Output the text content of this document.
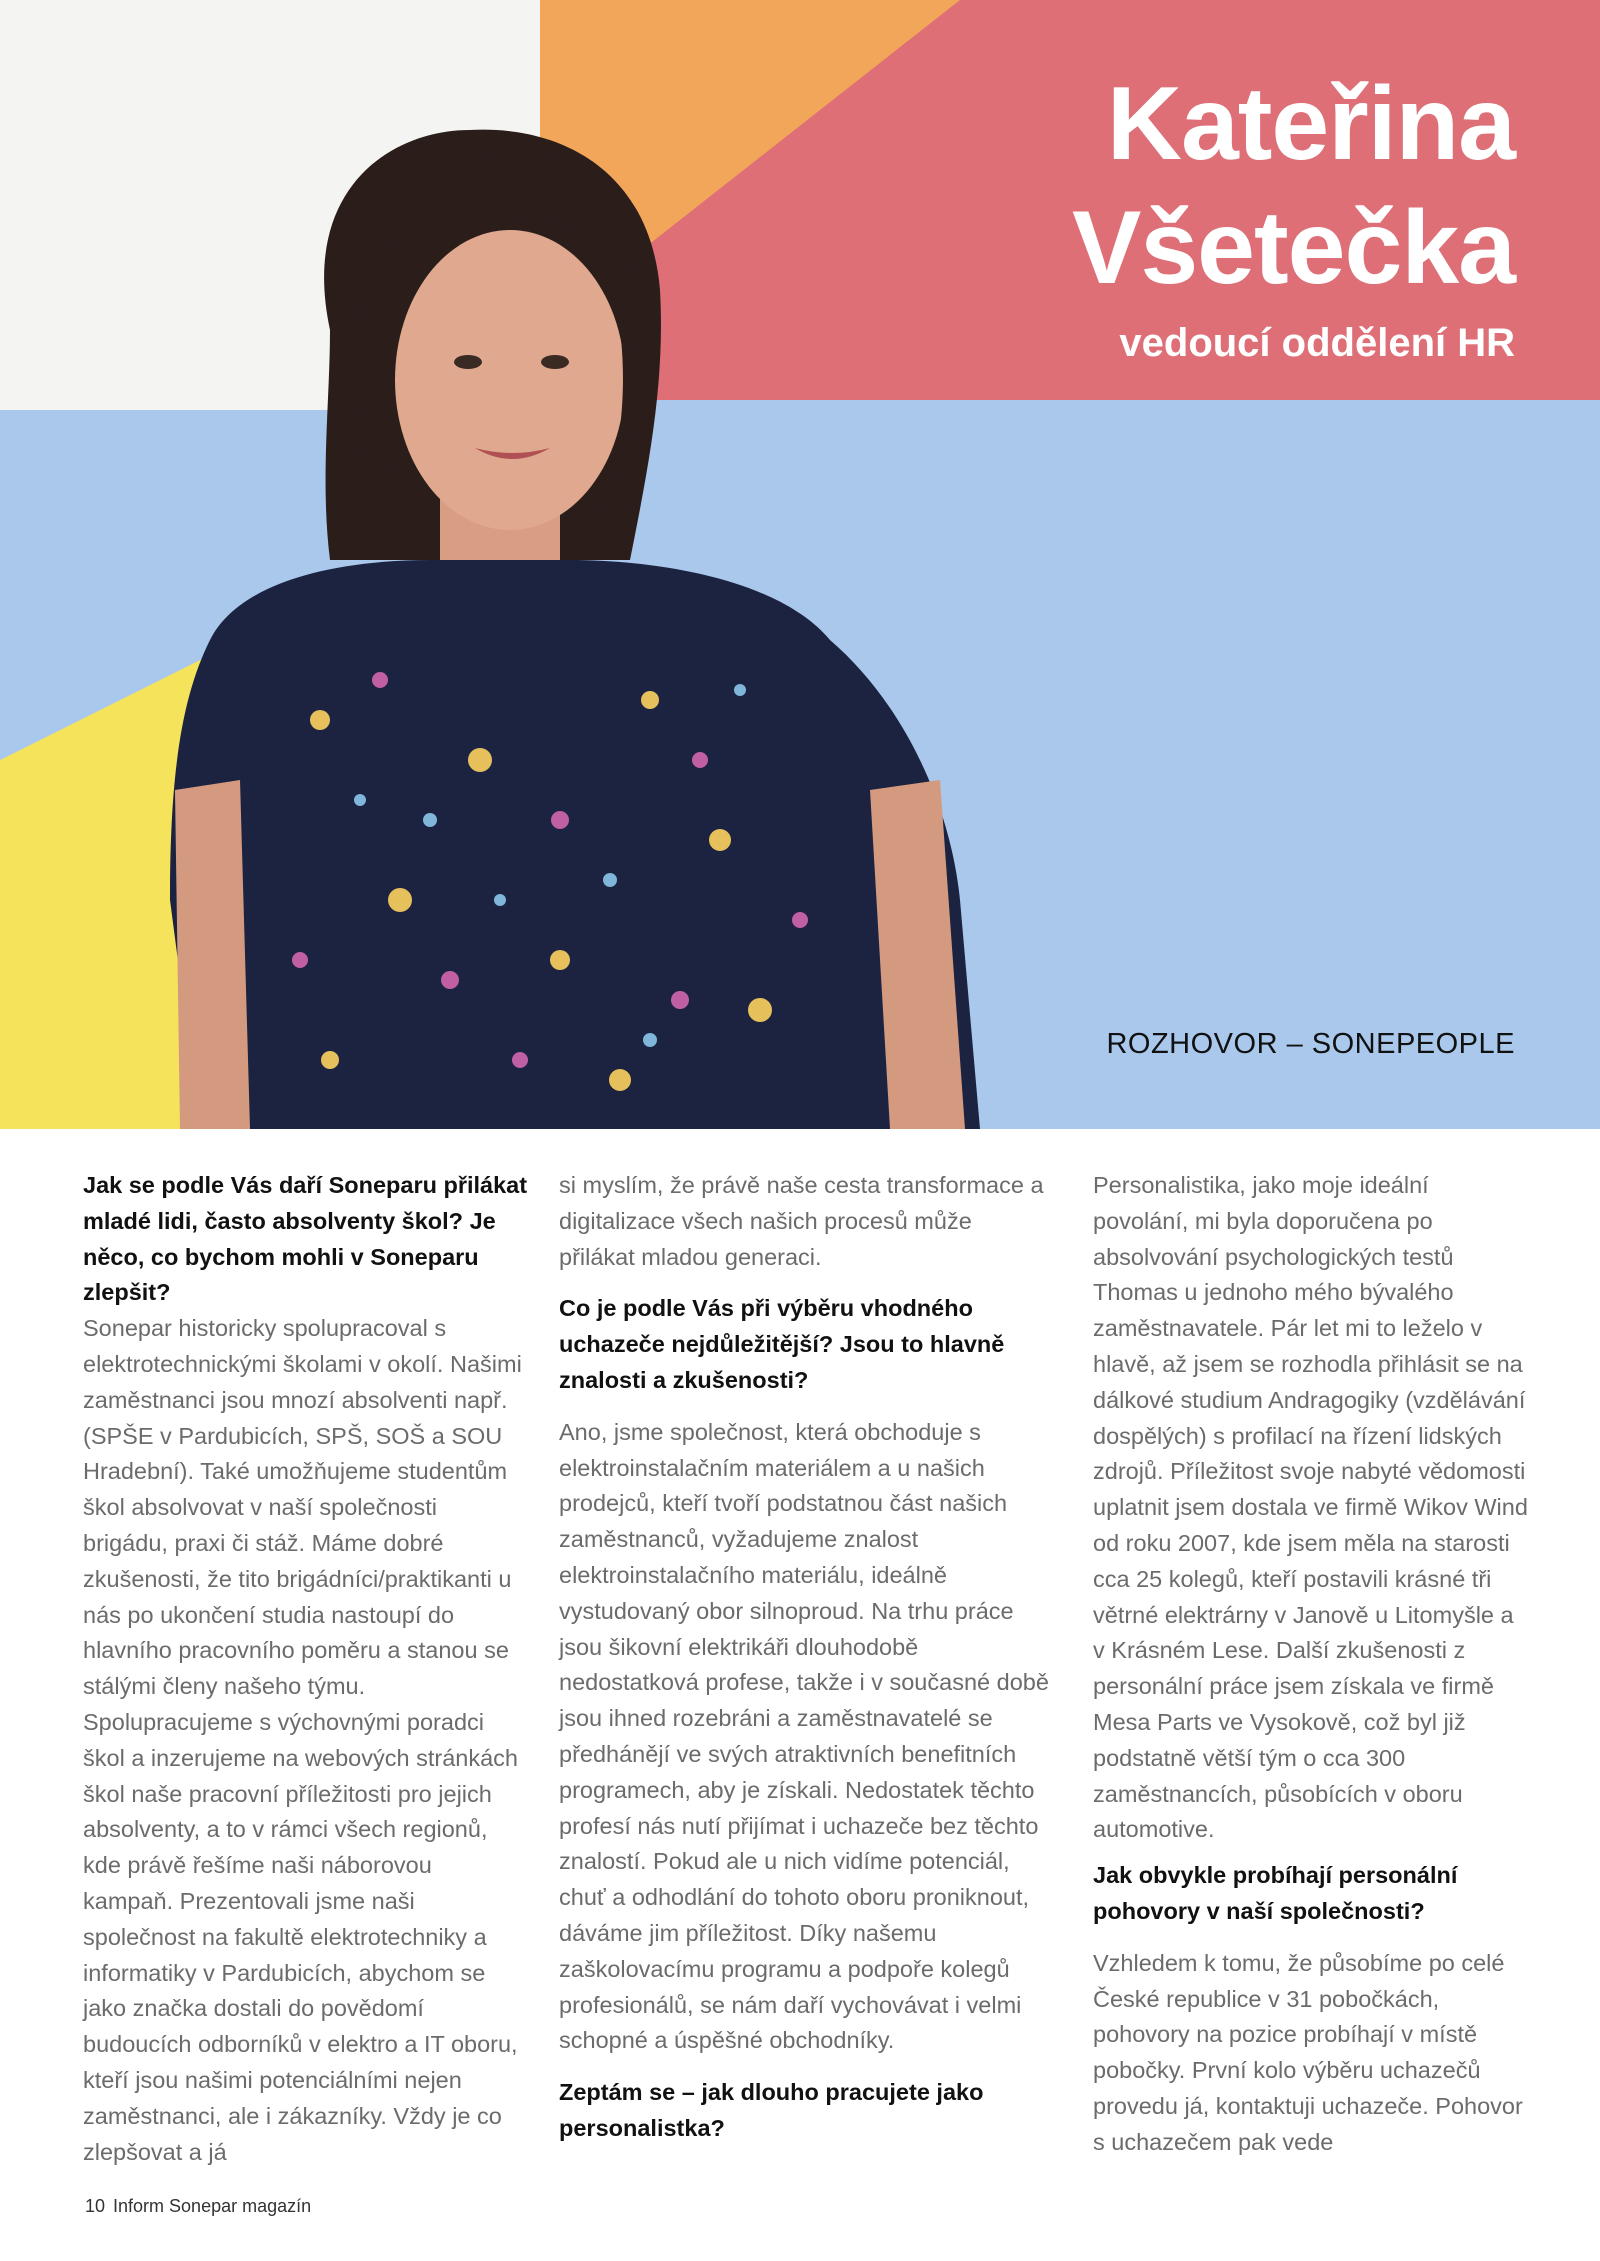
Kateřina
Všetečka
vedoucí oddělení HR
ROZHOVOR – SONEPEOPLE

Jak se podle Vás daří Soneparu přilákat mladé lidi, často absolventy škol? Je něco, co bychom mohli v Soneparu zlepšit?

Sonepar historicky spolupracoval s elektrotechnickými školami v okolí. Našimi zaměstnanci jsou mnozí absolventi např. (SPŠE v Pardubicích, SPŠ, SOŠ a SOU Hradební). Také umožňujeme studentům škol absolvovat v naší společnosti brigádu, praxi či stáž. Máme dobré zkušenosti, že tito brigádníci/praktikanti u nás po ukončení studia nastoupí do hlavního pracovního poměru a stanou se stálými členy našeho týmu. Spolupracujeme s výchovnými poradci škol a inzerujeme na webových stránkách škol naše pracovní příležitosti pro jejich absolventy, a to v rámci všech regionů, kde právě řešíme naši náborovou kampaň. Prezentovali jsme naši společnost na fakultě elektrotechniky a informatiky v Pardubicích, abychom se jako značka dostali do povědomí budoucích odborníků v elektro a IT oboru, kteří jsou našimi potenciálními nejen zaměstnanci, ale i zákazníky. Vždy je co zlepšovat a já

si myslím, že právě naše cesta transformace a digitalizace všech našich procesů může přilákat mladou generaci.

Co je podle Vás při výběru vhodného uchazeče nejdůležitější? Jsou to hlavně znalosti a zkušenosti?

Ano, jsme společnost, která obchoduje s elektroinstalačním materiálem a u našich prodejců, kteří tvoří podstatnou část našich zaměstnanců, vyžadujeme znalost elektroinstalačního materiálu, ideálně vystudovaný obor silnoproud. Na trhu práce jsou šikovní elektrikáři dlouhodobě nedostatková profese, takže i v současné době jsou ihned rozebráni a zaměstnavatelé se předhánějí ve svých atraktivních benefitních programech, aby je získali. Nedostatek těchto profesí nás nutí přijímat i uchazeče bez těchto znalostí. Pokud ale u nich vidíme potenciál, chuť a odhodlání do tohoto oboru proniknout, dáváme jim příležitost. Díky našemu zaškolovacímu programu a podpoře kolegů profesionálů, se nám daří vychovávat i velmi schopné a úspěšné obchodníky.

Zeptám se – jak dlouho pracujete jako personalistka?

Personalistika, jako moje ideální povolání, mi byla doporučena po absolvování psychologických testů Thomas u jednoho mého bývalého zaměstnavatele. Pár let mi to leželo v hlavě, až jsem se rozhodla přihlásit se na dálkové studium Andragogiky (vzdělávání dospělých) s profilací na řízení lidských zdrojů. Příležitost svoje nabyté vědomosti uplatnit jsem dostala ve firmě Wikov Wind od roku 2007, kde jsem měla na starosti cca 25 kolegů, kteří postavili krásné tři větrné elektrárny v Janově u Litomyšle a v Krásném Lese. Další zkušenosti z personální práce jsem získala ve firmě Mesa Parts ve Vysokově, což byl již podstatně větší tým o cca 300 zaměstnancích, působících v oboru automotive.

Jak obvykle probíhají personální pohovory v naší společnosti?

Vzhledem k tomu, že působíme po celé České republice v 31 pobočkách, pohovory na pozice probíhají v místě pobočky. První kolo výběru uchazečů provedu já, kontaktuji uchazeče. Pohovor s uchazečem pak vede

10 Inform Sonepar magazín
